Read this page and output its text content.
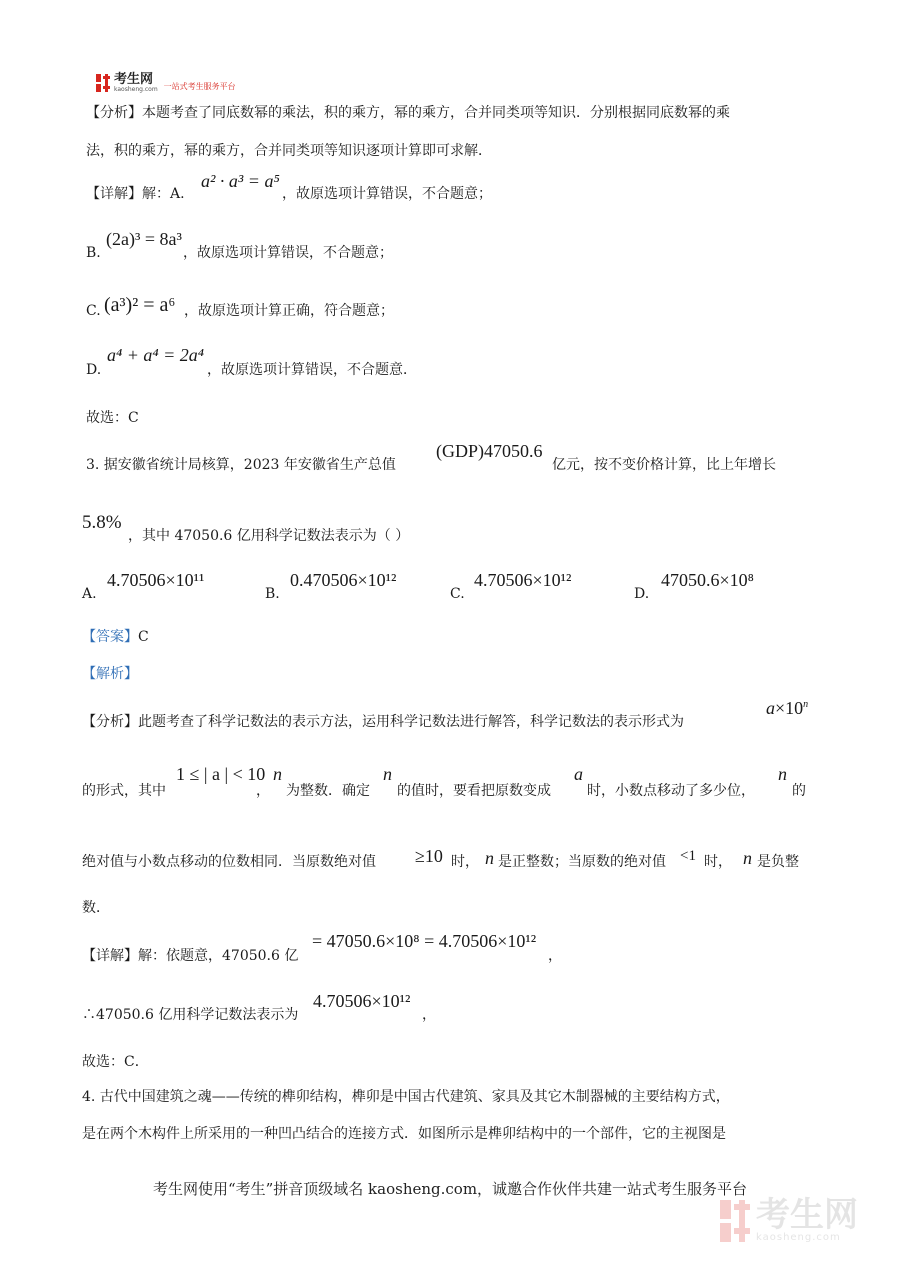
考生网
kaosheng.com 一站式考生服务平台
【分析】本题考查了同底数幂的乘法，积的乘方，幂的乘方，合并同类项等知识．分别根据同底数幂的乘
法，积的乘方，幂的乘方，合并同类项等知识逐项计算即可求解．
【详解】解：A.
a² · a³ = a⁵
，故原选项计算错误，不合题意；
B.
(2a)³ = 8a³
，故原选项计算错误，不合题意；
C. (a³)² = a⁶ ，故原选项计算正确，符合题意；
D.
a⁴ + a⁴ = 2a⁴
，故原选项计算错误，不合题意．
故选：C
3. 据安徽省统计局核算，2023 年安徽省生产总值
(GDP)47050.6
亿元，按不变价格计算，比上年增长
5.8%
，其中 47050.6 亿用科学记数法表示为（ ）
A.
4.70506×10¹¹
B.
0.470506×10¹²
C.
4.70506×10¹²
D.
47050.6×10⁸
【答案】C
【解析】
【分析】此题考查了科学记数法的表示方法，运用科学记数法进行解答，科学记数法的表示形式为
$a\times 10^n$
的形式，其中
1 ≤ | a | < 10
，
n
为整数．确定
n
的值时，要看把原数变成
a
时，小数点移动了多少位，
n
的
绝对值与小数点移动的位数相同．当原数绝对值 ≥10 时， n 是正整数；当原数的绝对值 <1 时， n 是负整
数．
【详解】解：依题意，47050.6 亿
= 47050.6×10⁸ = 4.70506×10¹²
，
∴47050.6 亿用科学记数法表示为
4.70506×10¹²
，
故选：C．
4. 古代中国建筑之魂——传统的榫卯结构，榫卯是中国古代建筑、家具及其它木制器械的主要结构方式，
是在两个木构件上所采用的一种凹凸结合的连接方式．如图所示是榫卯结构中的一个部件，它的主视图是
考生网使用“考生”拼音顶级域名 kaosheng.com，诚邀合作伙伴共建一站式考生服务平台
考生网
kaosheng.com
